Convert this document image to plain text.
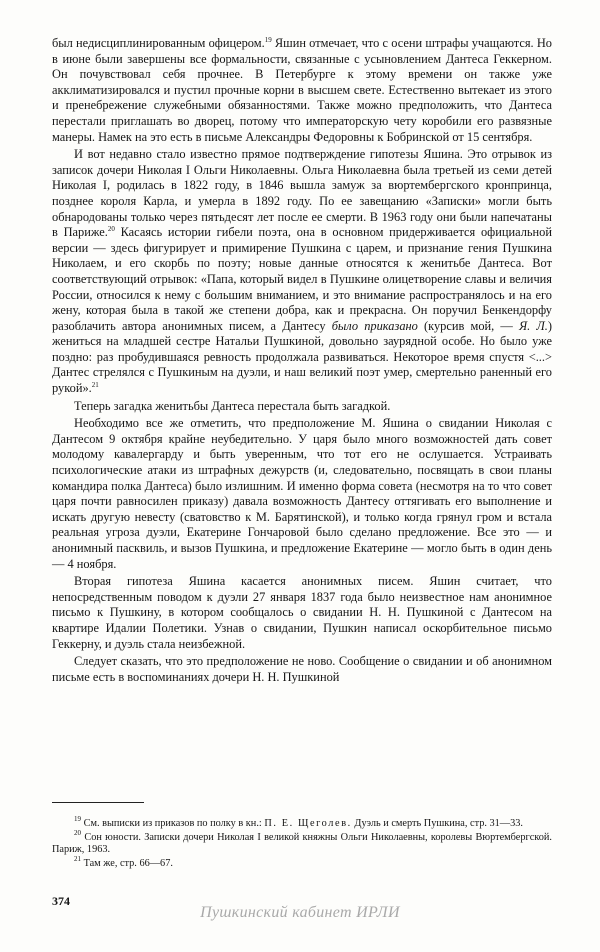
был недисциплинированным офицером.$^{19}$ Яшин отмечает, что с осени штрафы учащаются. Но в июне были завершены все формальности, связанные с усыновлением Дантеса Геккерном. Он почувствовал себя прочнее. В Петербурге к этому времени он также уже акклиматизировался и пустил прочные корни в высшем свете. Естественно вытекает из этого и пренебрежение служебными обязанностями. Также можно предположить, что Дантеса перестали приглашать во дворец, потому что императорскую чету коробили его развязные манеры. Намек на это есть в письме Александры Федоровны к Бобринской от 15 сентября.

И вот недавно стало известно прямое подтверждение гипотезы Яшина. Это отрывок из записок дочери Николая I Ольги Николаевны. Ольга Николаевна была третьей из семи детей Николая I, родилась в 1822 году, в 1846 вышла замуж за вюртембергского кронпринца, позднее короля Карла, и умерла в 1892 году. По ее завещанию «Записки» могли быть обнародованы только через пятьдесят лет после ее смерти. В 1963 году они были напечатаны в Париже.$^{20}$ Касаясь истории гибели поэта, она в основном придерживается официальной версии — здесь фигурирует и примирение Пушкина с царем, и признание гения Пушкина Николаем, и его скорбь по поэту; новые данные относятся к женитьбе Дантеса. Вот соответствующий отрывок: «Папа, который видел в Пушкине олицетворение славы и величия России, относился к нему с большим вниманием, и это внимание распространялось и на его жену, которая была в такой же степени добра, как и прекрасна. Он поручил Бенкендорфу разоблачить автора анонимных писем, а Дантесу было приказано (курсив мой, — Я. Л.) жениться на младшей сестре Натальи Пушкиной, довольно заурядной особе. Но было уже поздно: раз пробудившаяся ревность продолжала развиваться. Некоторое время спустя <...> Дантес стрелялся с Пушкиным на дуэли, и наш великий поэт умер, смертельно раненный его рукой».$^{21}$

Теперь загадка женитьбы Дантеса перестала быть загадкой.

Необходимо все же отметить, что предположение М. Яшина о свидании Николая с Дантесом 9 октября крайне неубедительно. У царя было много возможностей дать совет молодому кавалергарду и быть уверенным, что тот его не ослушается. Устраивать психологические атаки из штрафных дежурств (и, следовательно, посвящать в свои планы командира полка Дантеса) было излишним. И именно форма совета (несмотря на то что совет царя почти равносилен приказу) давала возможность Дантесу оттягивать его выполнение и искать другую невесту (сватовство к М. Барятинской), и только когда грянул гром и встала реальная угроза дуэли, Екатерине Гончаровой было сделано предложение. Все это — и анонимный пасквиль, и вызов Пушкина, и предложение Екатерине — могло быть в один день — 4 ноября.

Вторая гипотеза Яшина касается анонимных писем. Яшин считает, что непосредственным поводом к дуэли 27 января 1837 года было неизвестное нам анонимное письмо к Пушкину, в котором сообщалось о свидании Н. Н. Пушкиной с Дантесом на квартире Идалии Полетики. Узнав о свидании, Пушкин написал оскорбительное письмо Геккерну, и дуэль стала неизбежной.

Следует сказать, что это предположение не ново. Сообщение о свидании и об анонимном письме есть в воспоминаниях дочери Н. Н. Пушкиной

$^{19}$ См. выписки из приказов по полку в кн.: П. Е. Щеголев. Дуэль и смерть Пушкина, стр. 31—33.

$^{20}$ Сон юности. Записки дочери Николая I великой княжны Ольги Николаевны, королевы Вюртембергской. Париж, 1963.

$^{21}$ Там же, стр. 66—67.

374
Пушкинский кабинет ИРЛИ
